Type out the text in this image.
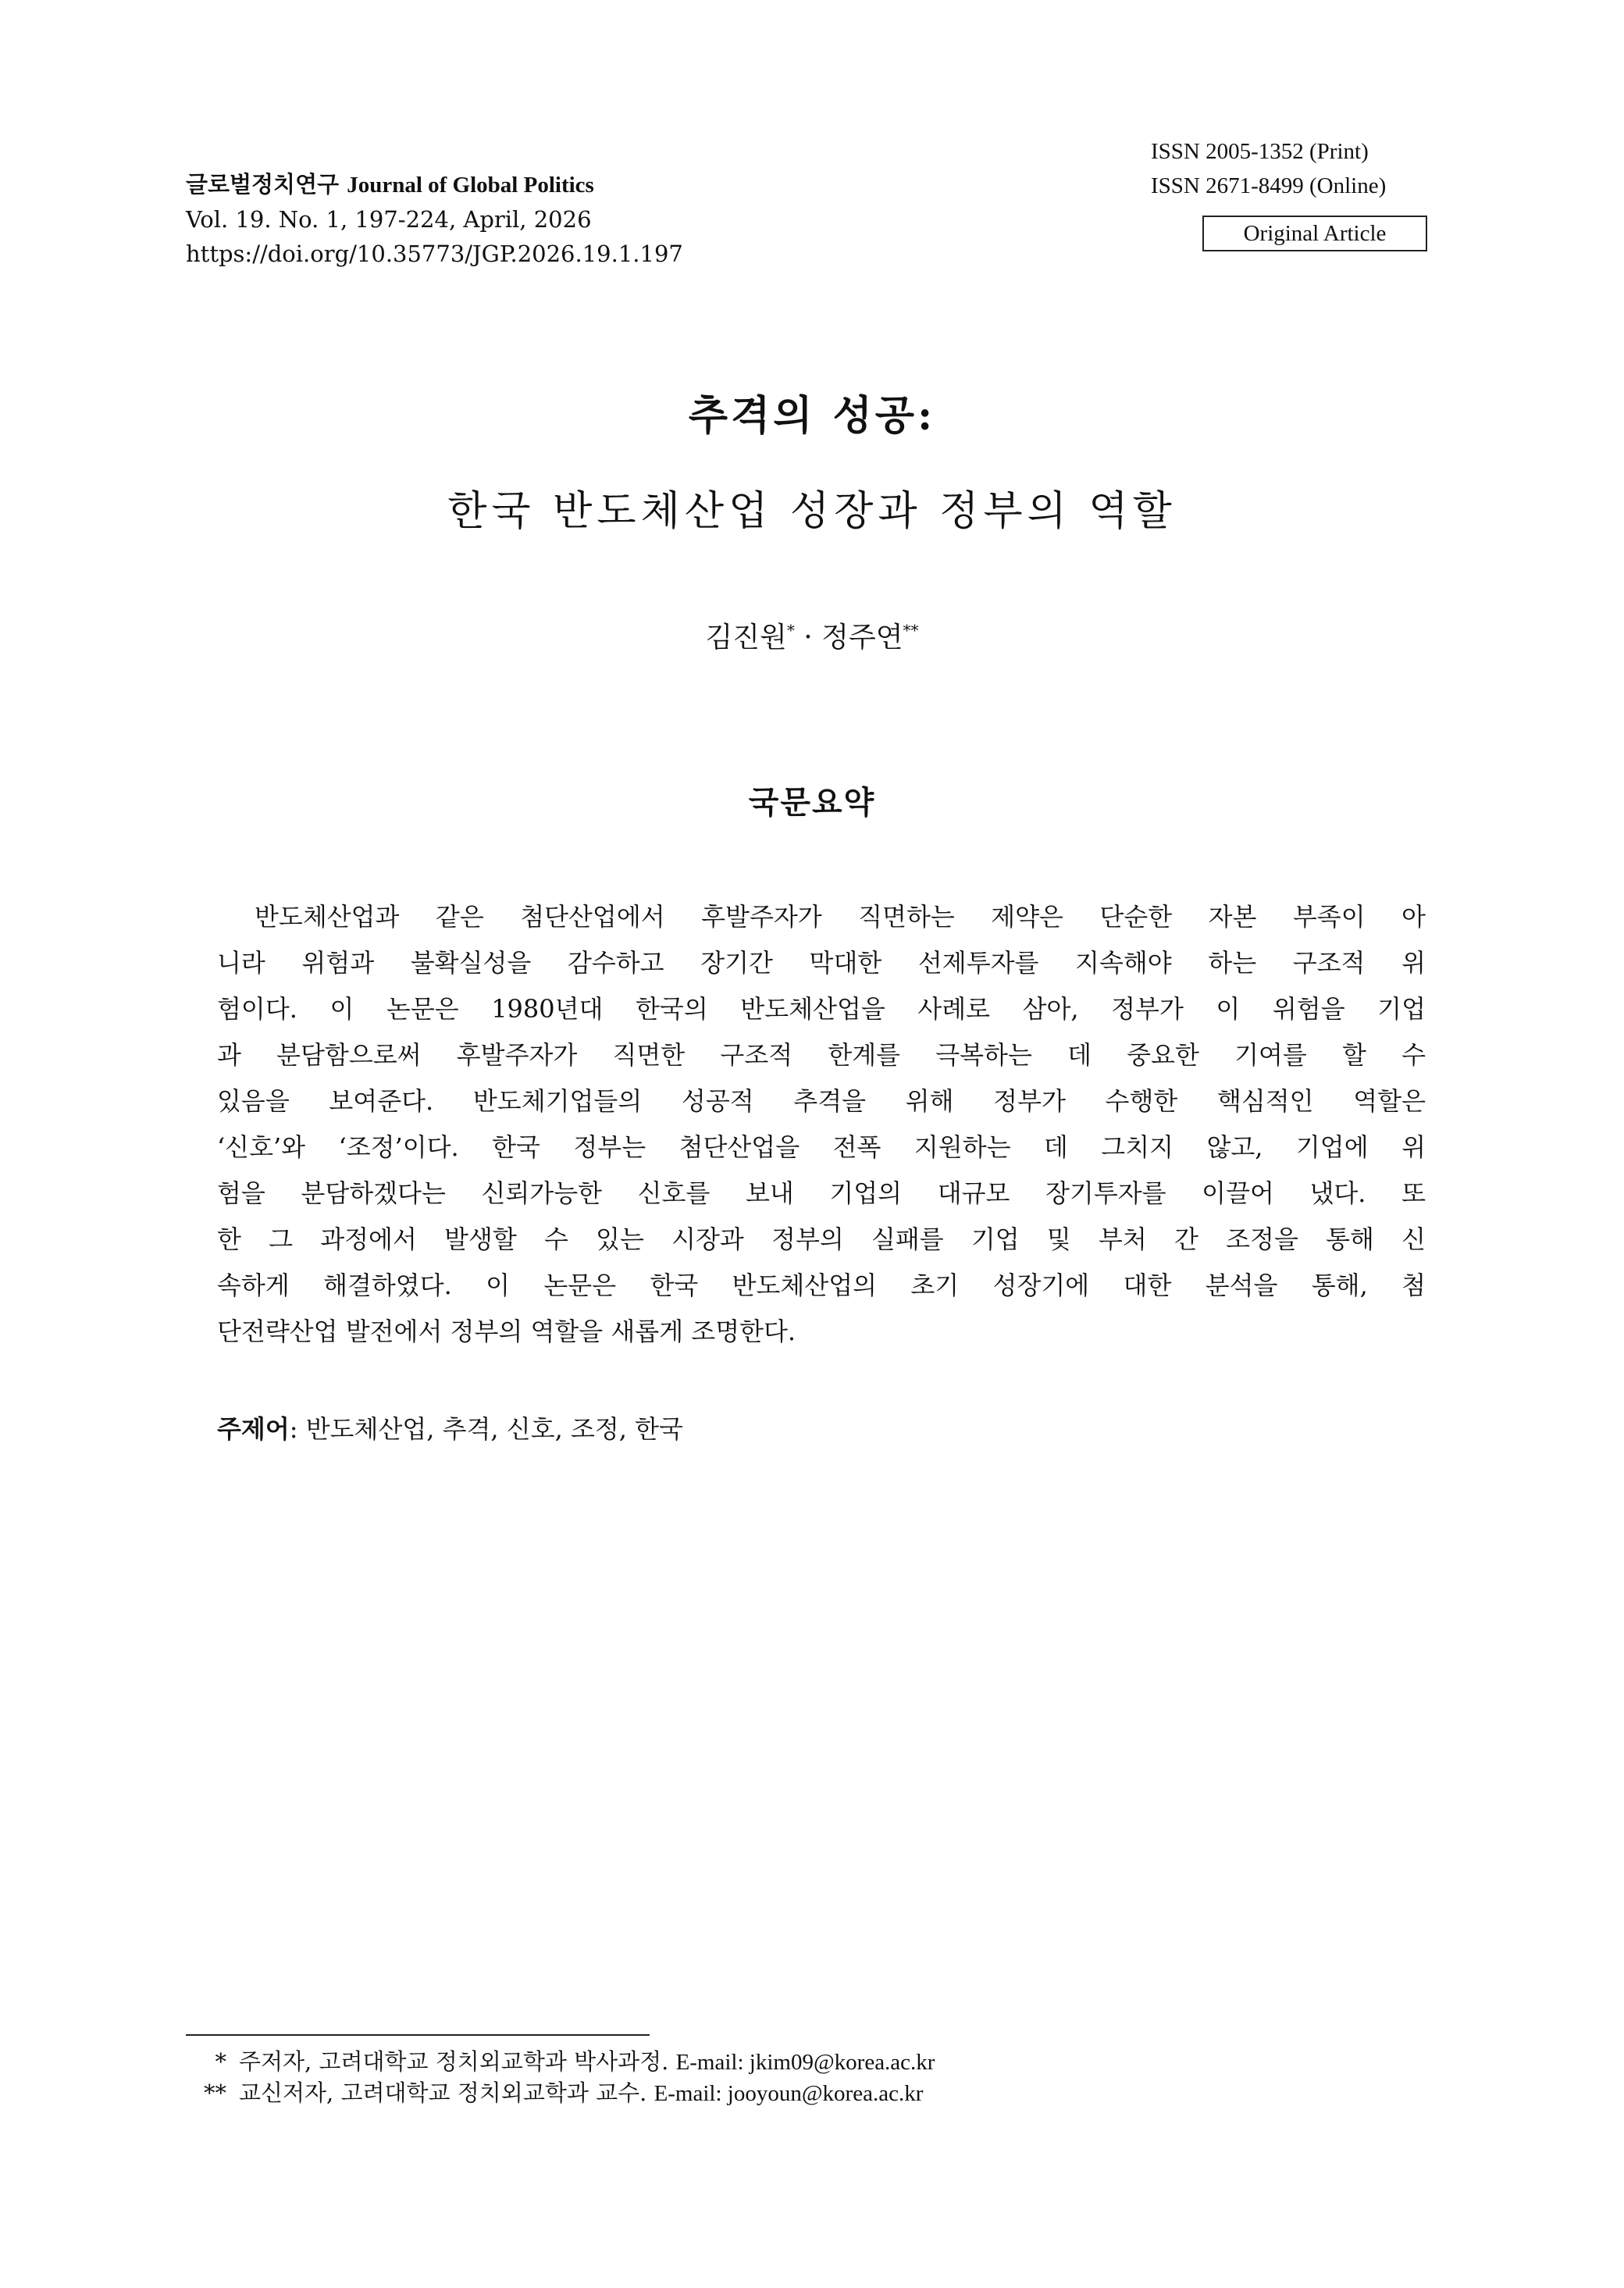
글로벌정치연구 Journal of Global Politics
Vol. 19. No. 1, 197-224, April, 2026
https://doi.org/10.35773/JGP.2026.19.1.197
ISSN 2005-1352 (Print)
ISSN 2671-8499 (Online)
Original Article
추격의 성공:
한국 반도체산업 성장과 정부의 역할
김진원* · 정주연**
국문요약
반도체산업과 같은 첨단산업에서 후발주자가 직면하는 제약은 단순한 자본 부족이 아
니라 위험과 불확실성을 감수하고 장기간 막대한 선제투자를 지속해야 하는 구조적 위
험이다. 이 논문은 1980년대 한국의 반도체산업을 사례로 삼아, 정부가 이 위험을 기업
과 분담함으로써 후발주자가 직면한 구조적 한계를 극복하는 데 중요한 기여를 할 수
있음을 보여준다. 반도체기업들의 성공적 추격을 위해 정부가 수행한 핵심적인 역할은
‘신호’와 ‘조정’이다. 한국 정부는 첨단산업을 전폭 지원하는 데 그치지 않고, 기업에 위
험을 분담하겠다는 신뢰가능한 신호를 보내 기업의 대규모 장기투자를 이끌어 냈다. 또
한 그 과정에서 발생할 수 있는 시장과 정부의 실패를 기업 및 부처 간 조정을 통해 신
속하게 해결하였다. 이 논문은 한국 반도체산업의 초기 성장기에 대한 분석을 통해, 첨
단전략산업 발전에서 정부의 역할을 새롭게 조명한다.
주제어: 반도체산업, 추격, 신호, 조정, 한국
* 주저자, 고려대학교 정치외교학과 박사과정. E-mail: jkim09@korea.ac.kr
** 교신저자, 고려대학교 정치외교학과 교수. E-mail: jooyoun@korea.ac.kr
